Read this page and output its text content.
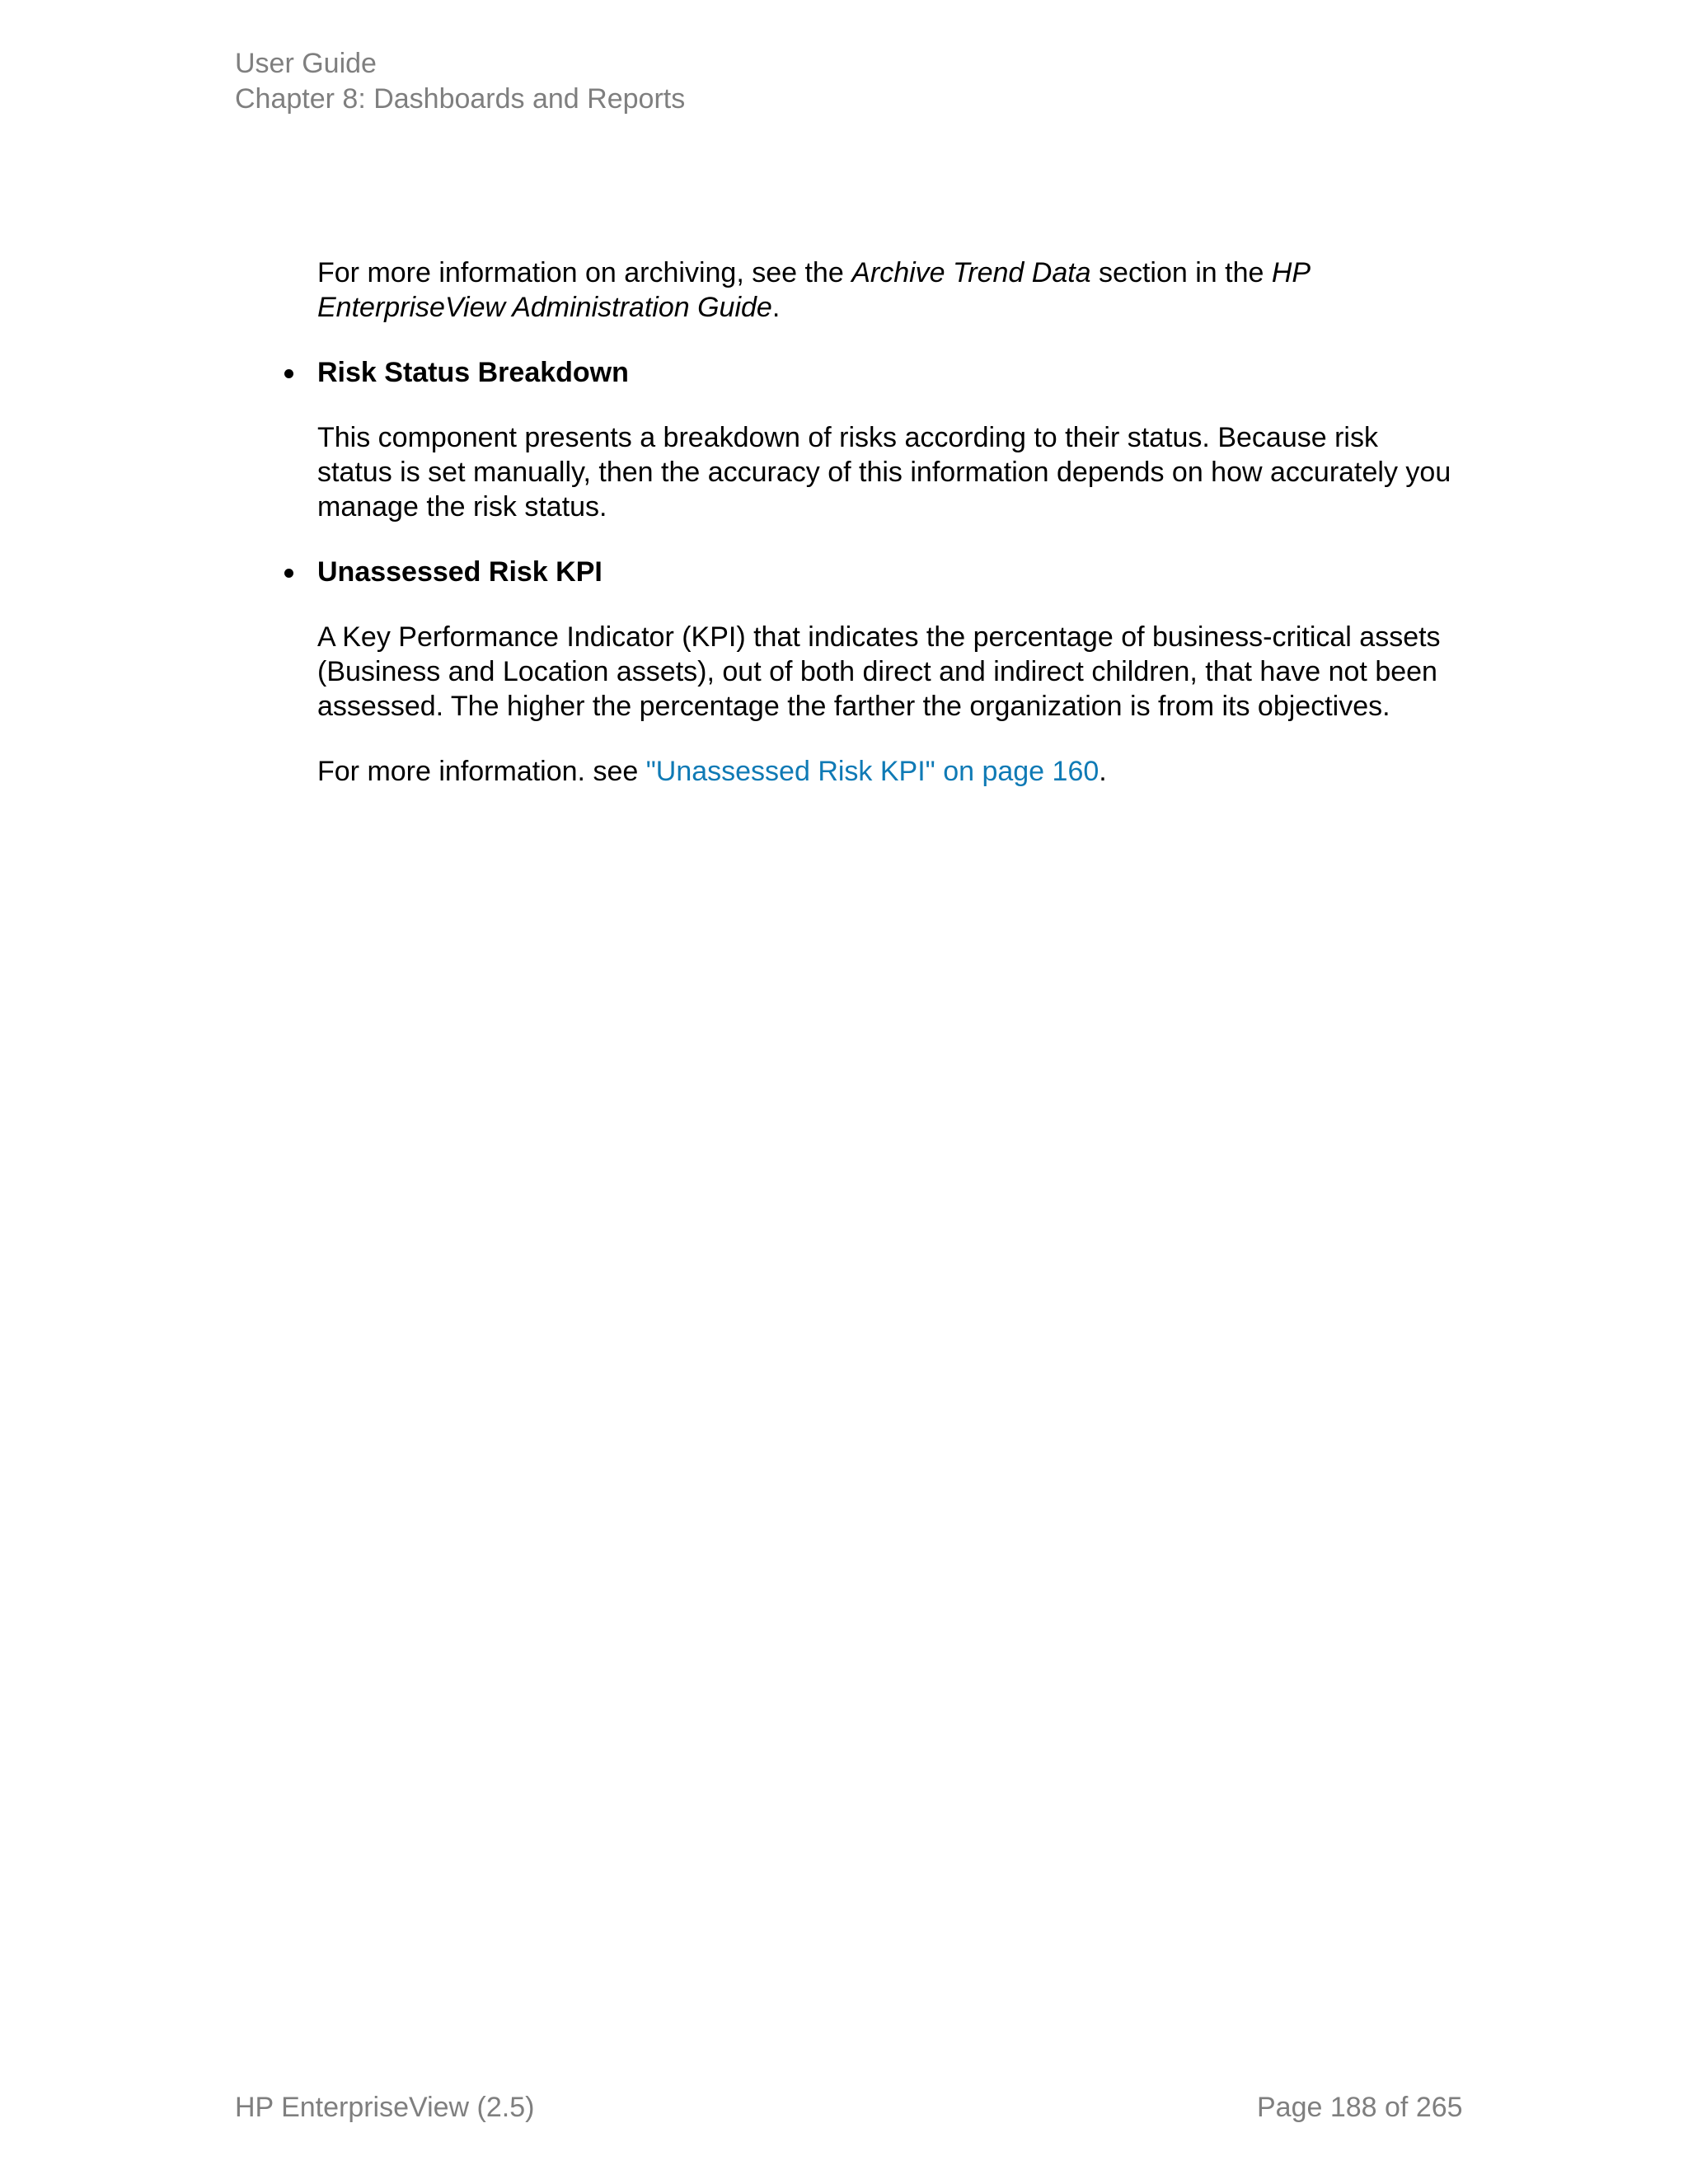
User Guide
Chapter 8: Dashboards and Reports

For more information on archiving, see the Archive Trend Data section in the HP EnterpriseView Administration Guide.

Risk Status Breakdown

This component presents a breakdown of risks according to their status. Because risk status is set manually, then the accuracy of this information depends on how accurately you manage the risk status.

Unassessed Risk KPI

A Key Performance Indicator (KPI) that indicates the percentage of business-critical assets (Business and Location assets), out of both direct and indirect children, that have not been assessed. The higher the percentage the farther the organization is from its objectives.

For more information. see "Unassessed Risk KPI" on page 160.

HP EnterpriseView (2.5)	Page 188 of 265
